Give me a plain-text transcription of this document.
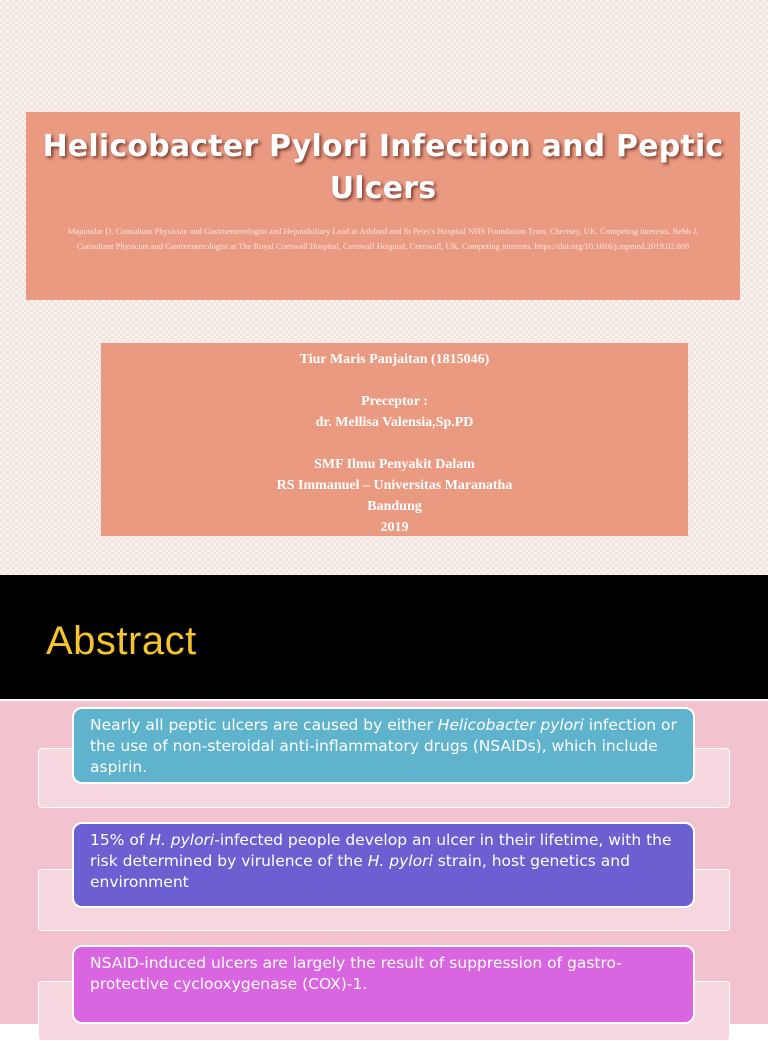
Helicobacter Pylori Infection and Peptic Ulcers

Majumdar D, Consultant Physician and Gastroenterologist and Hepatobiliary Lead at Ashford and St Peter's Hospital NHS Foundation Trust, Chertsey, UK. Competing interests. Bebb J, Consultant Physician and Gastroenterologist at The Royal Cornwall Hospital, Cornwall Hospital, Cornwall, UK. Competing interests. https://doi.org/10.1016/j.mpmed.2019.02.008

Tiur Maris Panjaitan (1815046)
Preceptor :
dr. Mellisa Valensia,Sp.PD
SMF Ilmu Penyakit Dalam
RS Immanuel – Universitas Maranatha
Bandung
2019
Abstract
Nearly all peptic ulcers are caused by either Helicobacter pylori infection or the use of non-steroidal anti-inflammatory drugs (NSAIDs), which include aspirin.
15% of H. pylori-infected people develop an ulcer in their lifetime, with the risk determined by virulence of the H. pylori strain, host genetics and environment
NSAID-induced ulcers are largely the result of suppression of gastro- protective cyclooxygenase (COX)-1.
